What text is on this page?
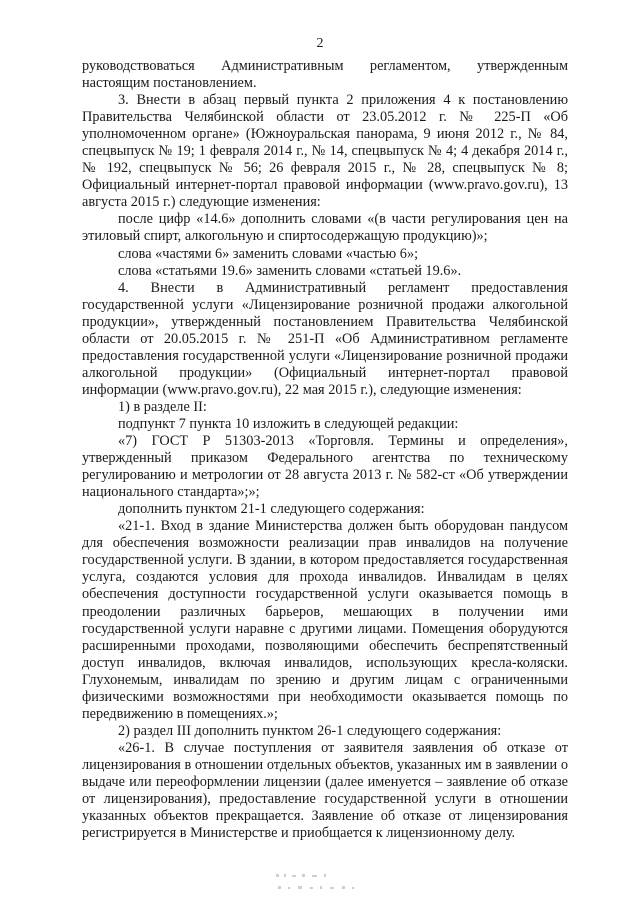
2

руководствоваться Административным регламентом, утвержденным настоящим постановлением.

3. Внести в абзац первый пункта 2 приложения 4 к постановлению Правительства Челябинской области от 23.05.2012 г. № 225-П «Об уполномоченном органе» (Южноуральская панорама, 9 июня 2012 г., № 84, спецвыпуск № 19; 1 февраля 2014 г., № 14, спецвыпуск № 4; 4 декабря 2014 г., № 192, спецвыпуск № 56; 26 февраля 2015 г., № 28, спецвыпуск № 8; Официальный интернет-портал правовой информации (www.pravo.gov.ru), 13 августа 2015 г.) следующие изменения:

после цифр «14.6» дополнить словами «(в части регулирования цен на этиловый спирт, алкогольную и спиртосодержащую продукцию)»;

слова «частями 6» заменить словами «частью 6»;

слова «статьями 19.6» заменить словами «статьей 19.6».

4. Внести в Административный регламент предоставления государственной услуги «Лицензирование розничной продажи алкогольной продукции», утвержденный постановлением Правительства Челябинской области от 20.05.2015 г. № 251-П «Об Административном регламенте предоставления государственной услуги «Лицензирование розничной продажи алкогольной продукции» (Официальный интернет-портал правовой информации (www.pravo.gov.ru), 22 мая 2015 г.), следующие изменения:

1) в разделе II:

подпункт 7 пункта 10 изложить в следующей редакции:

«7) ГОСТ Р 51303-2013 «Торговля. Термины и определения», утвержденный приказом Федерального агентства по техническому регулированию и метрологии от 28 августа 2013 г. № 582-ст «Об утверждении национального стандарта»;»;

дополнить пунктом 21-1 следующего содержания:

«21-1. Вход в здание Министерства должен быть оборудован пандусом для обеспечения возможности реализации прав инвалидов на получение государственной услуги. В здании, в котором предоставляется государственная услуга, создаются условия для прохода инвалидов. Инвалидам в целях обеспечения доступности государственной услуги оказывается помощь в преодолении различных барьеров, мешающих в получении ими государственной услуги наравне с другими лицами. Помещения оборудуются расширенными проходами, позволяющими обеспечить беспрепятственный доступ инвалидов, включая инвалидов, использующих кресла-коляски. Глухонемым, инвалидам по зрению и другим лицам с ограниченными физическими возможностями при необходимости оказывается помощь по передвижению в помещениях.»;

2) раздел III дополнить пунктом 26-1 следующего содержания:

«26-1. В случае поступления от заявителя заявления об отказе от лицензирования в отношении отдельных объектов, указанных им в заявлении о выдаче или переоформлении лицензии (далее именуется – заявление об отказе от лицензирования), предоставление государственной услуги в отношении указанных объектов прекращается. Заявление об отказе от лицензирования регистрируется в Министерстве и приобщается к лицензионному делу.
